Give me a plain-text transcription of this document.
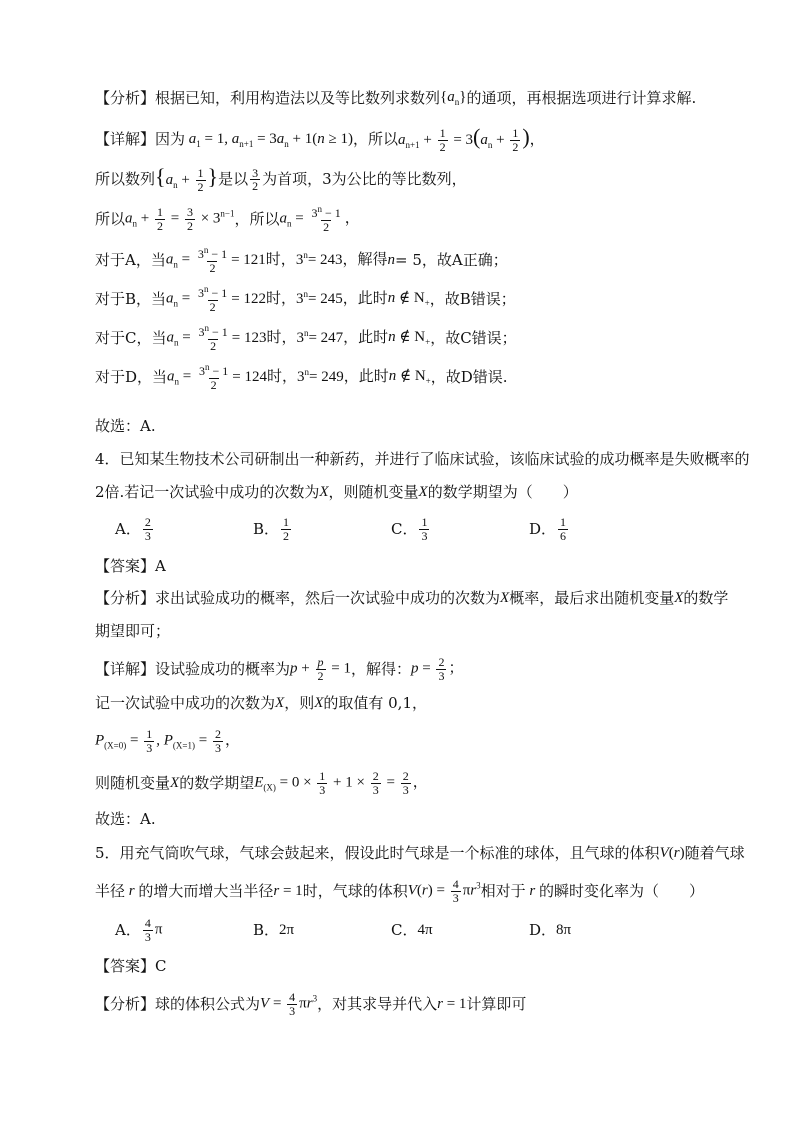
【分析】 根据已知，利用构造法以及等比数列求数列 $\{a_n\}$ 的通项，再根据选项进行计算求解.
【详解】 因为 $a_1 = 1$, $a_{n+1} = 3a_n + 1(n \ge 1)$ ，所以 $a_{n+1} + \frac{1}{2} = 3(a_n + \frac{1}{2}$ )，
所以数列 {$a_n + \frac{1}{2}$ } 是以 $\frac{3}{2}$ 为首项，3为公比的等比数列，
所以 $a_n + \frac{1}{2} = \frac{3}{2} \times 3^{n-1}$ ，所以 $a_n = \frac{3^n - 1}{2}$ ，
对于A，当 $a_n = \frac{3^n - 1}{2} = 121$时， $3^n = 243$，解得 n = 5，故A正确；
对于B，当 $a_n = \frac{3^n - 1}{2} = 122$时， $3^n = 245$，此时 n ∉ $N_+$ ，故B错误；
对于C，当 $a_n = \frac{3^n - 1}{2} = 123$时， $3^n = 247$，此时 n ∉ $N_+$ ，故C错误；
对于D，当 $a_n = \frac{3^n - 1}{2} = 124$时， $3^n = 249$，此时 n ∉ $N_+$ ，故D错误.
故选：A.
4．已知某生物技术公司研制出一种新药，并进行了临床试验，该临床试验的成功概率是失败概率的
2倍.若记一次试验中成功的次数为 X ，则随机变量 X 的数学期望为（　　）
A． $\frac{2}{3}$	B． $\frac{1}{2}$	C． $\frac{1}{3}$	D． $\frac{1}{6}$
【答案】 A
【分析】 求出试验成功的概率，然后一次试验中成功的次数为 X 概率，最后求出随机变量 X 的数学
期望即可；
【详解】 设试验成功的概率为 $p + \frac{p}{2} = 1$ ，解得： $p = \frac{2}{3}$ ；
记一次试验中成功的次数为 X ，则 X 的取值有 0,1，
$P_{(X=0)} = \frac{1}{3}$ , $P_{(X=1)} = \frac{2}{3}$ ，
则随机变量 X 的数学期望 $E_{(X)} = 0 \times \frac{1}{3} + 1 \times \frac{2}{3} = \frac{2}{3}$ ，
故选：A.
5．用充气筒吹气球，气球会鼓起来，假设此时气球是一个标准的球体，且气球的体积 V(r) 随着气球
半径 r 的增大而增大当半径 r = 1 时，气球的体积 $V(r) = \frac{4}{3} \pi r^3$ 相对于 r 的瞬时变化率为（　　）
A． $\frac{4}{3}$ π	B． 2π	C． 4π	D． 8π
【答案】 C
【分析】 球的体积公式为 $V = \frac{4}{3} \pi r^3$ ，对其求导并代入 r = 1 计算即可
